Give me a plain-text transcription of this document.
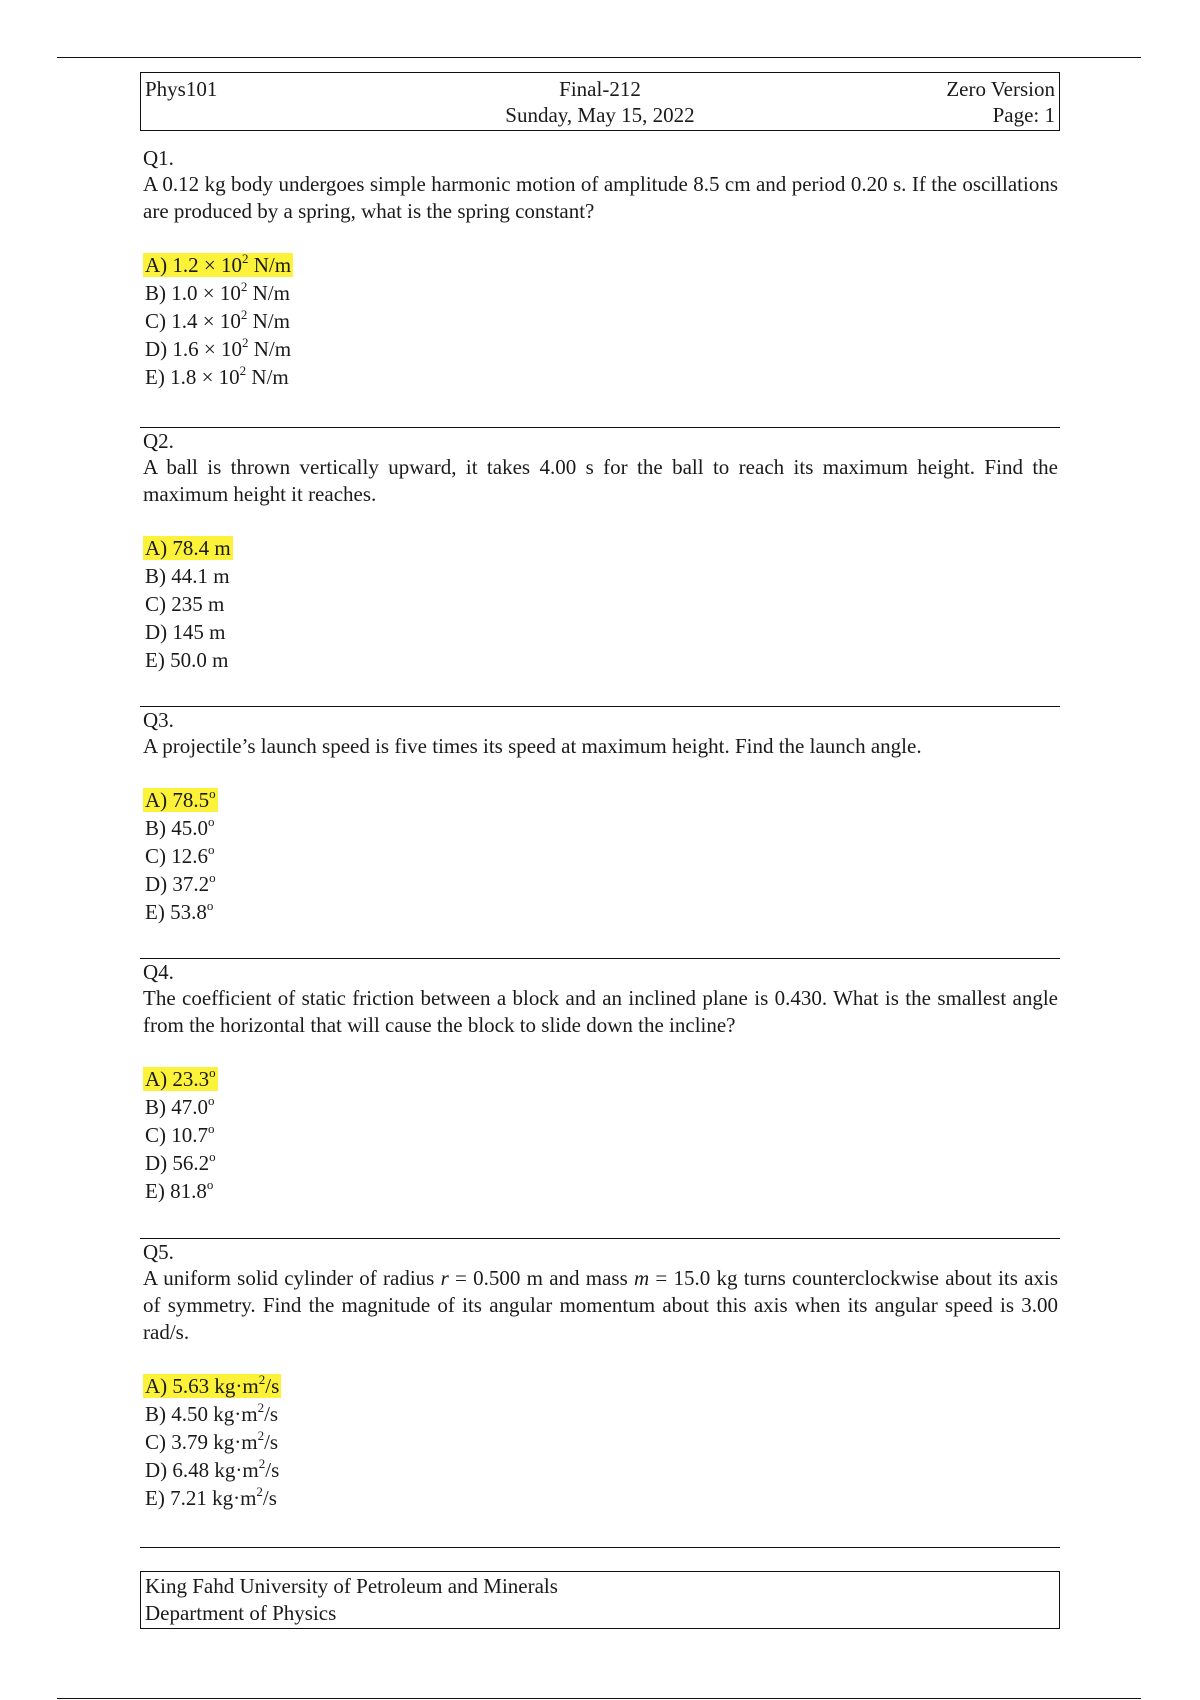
Phys101	Final-212
Sunday, May 15, 2022
Zero Version
Page: 1
Q1.
A 0.12 kg body undergoes simple harmonic motion of amplitude 8.5 cm and period 0.20 s. If the oscillations are produced by a spring, what is the spring constant?
A) $1.2 \times 10^2$ N/m
B) $1.0 \times 10^2$ N/m
C) $1.4 \times 10^2$ N/m
D) $1.6 \times 10^2$ N/m
E) $1.8 \times 10^2$ N/m
Q2.
A ball is thrown vertically upward, it takes 4.00 s for the ball to reach its maximum height. Find the maximum height it reaches.
A) 78.4 m
B) 44.1 m
C) 235 m
D) 145 m
E) 50.0 m
Q3.
A projectile’s launch speed is five times its speed at maximum height. Find the launch angle.
A) 78.5$^o$
B) 45.0$^o$
C) 12.6$^o$
D) 37.2$^o$
E) 53.8$^o$
Q4.
The coefficient of static friction between a block and an inclined plane is 0.430. What is the smallest angle from the horizontal that will cause the block to slide down the incline?
A) 23.3$^o$
B) 47.0$^o$
C) 10.7$^o$
D) 56.2$^o$
E) 81.8$^o$
Q5.
A uniform solid cylinder of radius r = 0.500 m and mass m = 15.0 kg turns counterclockwise about its axis of symmetry. Find the magnitude of its angular momentum about this axis when its angular speed is 3.00 rad/s.
A) 5.63 $kg\cdot m^2/s$
B) 4.50 $kg\cdot m^2/s$
C) 3.79 $kg\cdot m^2/s$
D) 6.48 $kg\cdot m^2/s$
E) 7.21 $kg\cdot m^2/s$
King Fahd University of Petroleum and Minerals
Department of Physics
